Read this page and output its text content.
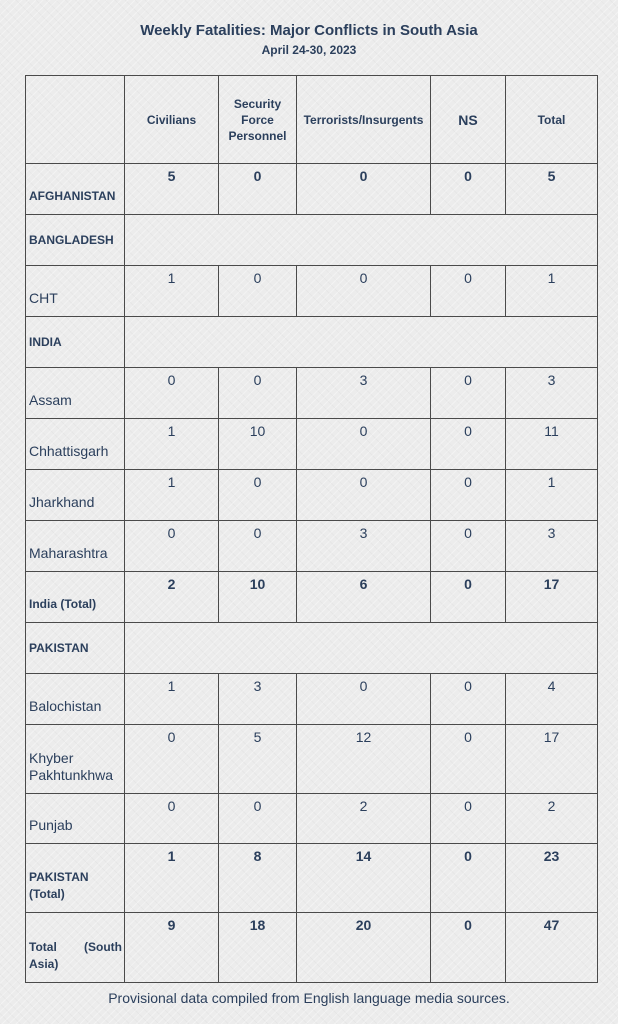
Weekly Fatalities: Major Conflicts in South Asia
April 24-30, 2023
	Civilians	Security
Force
Personnel	Terrorists/Insurgents	NS	Total
AFGHANISTAN	5	0	0	0	5
BANGLADESH					
CHT	1	0	0	0	1
INDIA					
Assam	0	0	3	0	3
Chhattisgarh	1	10	0	0	11
Jharkhand	1	0	0	0	1
Maharashtra	0	0	3	0	3
India (Total)	2	10	6	0	17
PAKISTAN					
Balochistan	1	3	0	0	4
Khyber
Pakhtunkhwa	0	5	12	0	17
Punjab	0	0	2	0	2
PAKISTAN
(Total)	1	8	14	0	23

Total (South
Asia)	9	18	20	0	47
Provisional data compiled from English language media sources.
